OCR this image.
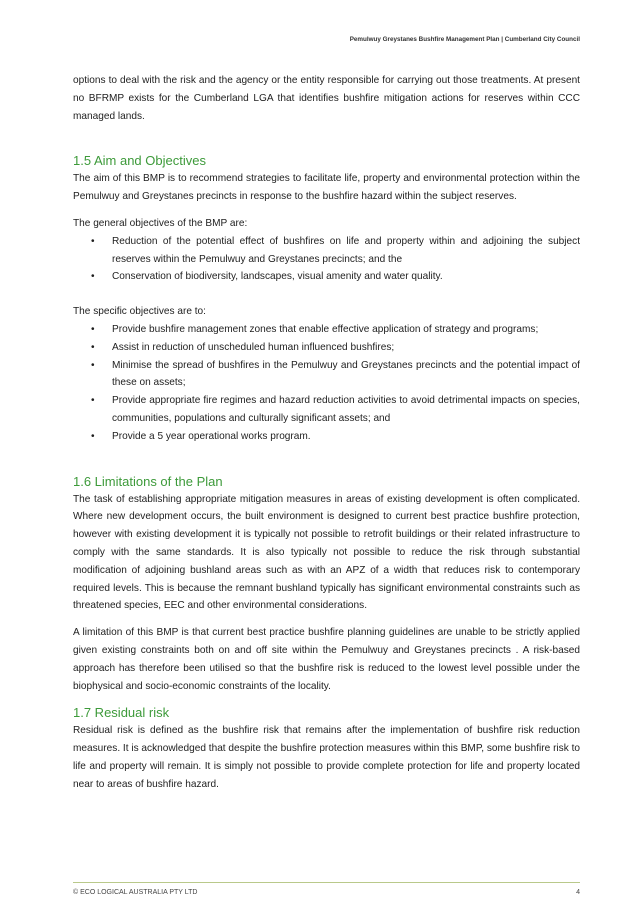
Pemulwuy Greystanes Bushfire Management Plan | Cumberland City Council

options to deal with the risk and the agency or the entity responsible for carrying out those treatments. At present no BFRMP exists for the Cumberland LGA that identifies bushfire mitigation actions for reserves within CCC managed lands.

1.5 Aim and Objectives

The aim of this BMP is to recommend strategies to facilitate life, property and environmental protection within the Pemulwuy and Greystanes precincts in response to the bushfire hazard within the subject reserves.

The general objectives of the BMP are:

• Reduction of the potential effect of bushfires on life and property within and adjoining the subject reserves within the Pemulwuy and Greystanes precincts; and the
• Conservation of biodiversity, landscapes, visual amenity and water quality.

The specific objectives are to:

• Provide bushfire management zones that enable effective application of strategy and programs;
• Assist in reduction of unscheduled human influenced bushfires;
• Minimise the spread of bushfires in the Pemulwuy and Greystanes precincts and the potential impact of these on assets;
• Provide appropriate fire regimes and hazard reduction activities to avoid detrimental impacts on species, communities, populations and culturally significant assets; and
• Provide a 5 year operational works program.
1.6 Limitations of the Plan

The task of establishing appropriate mitigation measures in areas of existing development is often complicated. Where new development occurs, the built environment is designed to current best practice bushfire protection, however with existing development it is typically not possible to retrofit buildings or their related infrastructure to comply with the same standards. It is also typically not possible to reduce the risk through substantial modification of adjoining bushland areas such as with an APZ of a width that reduces risk to contemporary required levels. This is because the remnant bushland typically has significant environmental constraints such as threatened species, EEC and other environmental considerations.

A limitation of this BMP is that current best practice bushfire planning guidelines are unable to be strictly applied given existing constraints both on and off site within the Pemulwuy and Greystanes precincts . A risk-based approach has therefore been utilised so that the bushfire risk is reduced to the lowest level possible under the biophysical and socio-economic constraints of the locality.

1.7 Residual risk

Residual risk is defined as the bushfire risk that remains after the implementation of bushfire risk reduction measures. It is acknowledged that despite the bushfire protection measures within this BMP, some bushfire risk to life and property will remain. It is simply not possible to provide complete protection for life and property located near to areas of bushfire hazard.

© ECO LOGICAL AUSTRALIA PTY LTD	4
